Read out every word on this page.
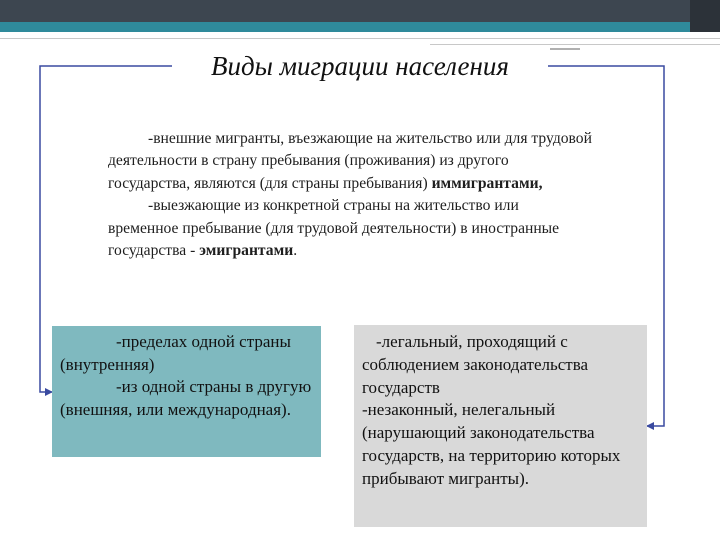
Виды миграции населения

-внешние мигранты, въезжающие на жительство или для трудовой деятельности в страну пребывания (проживания) из другого государства, являются (для страны пребывания) иммигрантами,

-выезжающие из конкретной страны на жительство или временное пребывание (для трудовой деятельности) в иностранные государства - эмигрантами.

-пределах одной страны (внутренняя)

-из одной страны в другую (внешняя, или международная).

-легальный, проходящий с соблюдением законодательства государств

-незаконный, нелегальный (нарушающий законодательства государств, на территорию которых прибывают мигранты).
